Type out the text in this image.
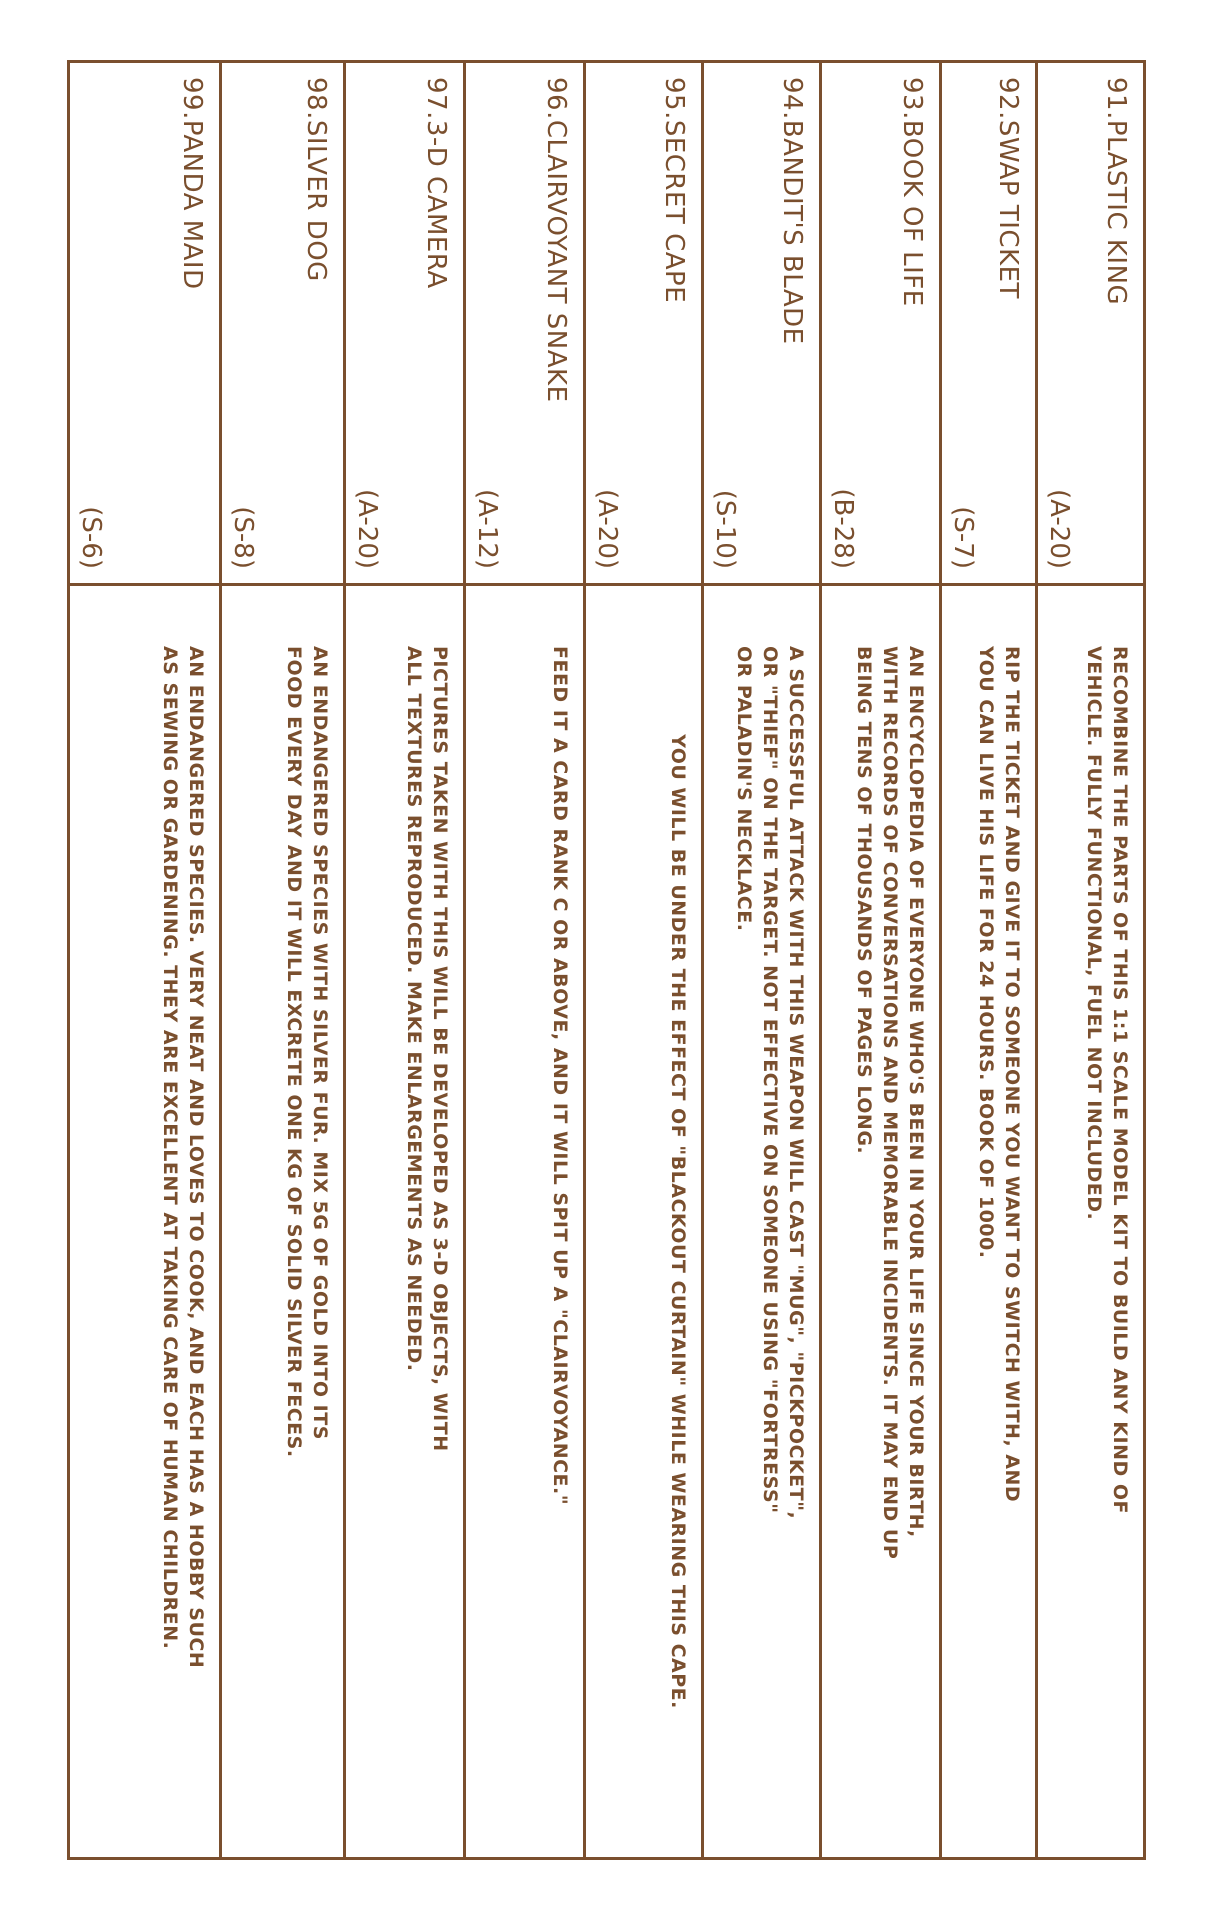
91.PLASTIC KING
(A-20)	RECOMBINE THE PARTS OF THIS 1:1 SCALE MODEL KIT TO BUILD ANY KIND OF
VEHICLE. FULLY FUNCTIONAL, FUEL NOT INCLUDED.

92.SWAP TICKET
(S-7)	RIP THE TICKET AND GIVE IT TO SOMEONE YOU WANT TO SWITCH WITH, AND
YOU CAN LIVE HIS LIFE FOR 24 HOURS. BOOK OF 1000.

93.BOOK OF LIFE
(B-28)	AN ENCYCLOPEDIA OF EVERYONE WHO'S BEEN IN YOUR LIFE SINCE YOUR BIRTH,
WITH RECORDS OF CONVERSATIONS AND MEMORABLE INCIDENTS. IT MAY END UP
BEING TENS OF THOUSANDS OF PAGES LONG.

94.BANDIT'S BLADE
(S-10)	A SUCCESSFUL ATTACK WITH THIS WEAPON WILL CAST "MUG", "PICKPOCKET",
OR "THIEF" ON THE TARGET. NOT EFFECTIVE ON SOMEONE USING "FORTRESS"
OR PALADIN'S NECKLACE.

95.SECRET CAPE
(A-20)	YOU WILL BE UNDER THE EFFECT OF "BLACKOUT CURTAIN" WHILE WEARING THIS CAPE.

96.CLAIRVOYANT SNAKE
(A-12)	FEED IT A CARD RANK C OR ABOVE, AND IT WILL SPIT UP A "CLAIRVOYANCE."

97.3-D CAMERA
(A-20)	PICTURES TAKEN WITH THIS WILL BE DEVELOPED AS 3-D OBJECTS, WITH
ALL TEXTURES REPRODUCED. MAKE ENLARGEMENTS AS NEEDED.

98.SILVER DOG
(S-8)	AN ENDANGERED SPECIES WITH SILVER FUR. MIX 5G OF GOLD INTO ITS
FOOD EVERY DAY AND IT WILL EXCRETE ONE KG OF SOLID SILVER FECES.

99.PANDA MAID
(S-6)	AN ENDANGERED SPECIES. VERY NEAT AND LOVES TO COOK, AND EACH HAS A HOBBY SUCH
AS SEWING OR GARDENING. THEY ARE EXCELLENT AT TAKING CARE OF HUMAN CHILDREN.
